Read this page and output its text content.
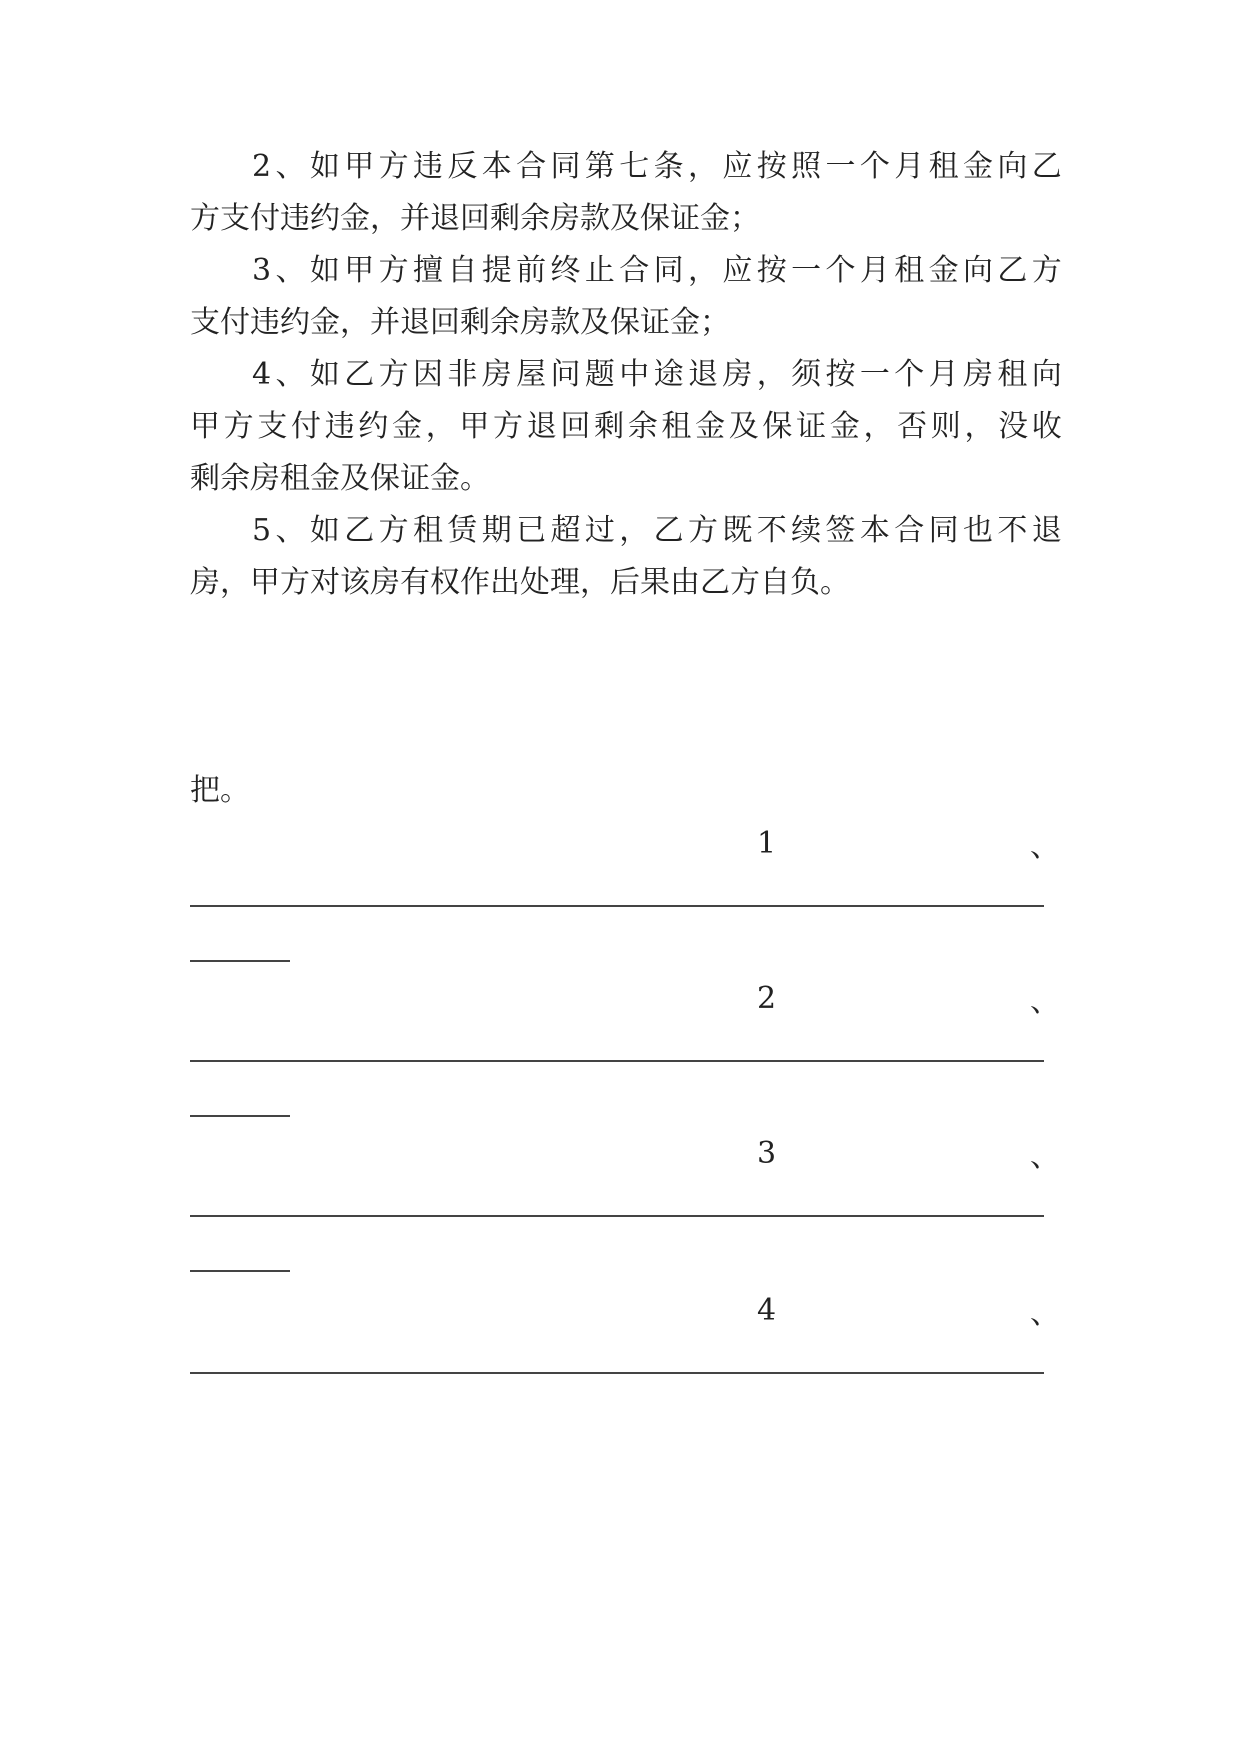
2 、 如 甲 方 违 反 本 合 同 第 七 条 ， 应 按 照 一 个 月 租 金 向 乙
方支付违约金，并退回剩余房款及保证金；
3 、 如 甲 方 擅 自 提 前 终 止 合 同 ， 应 按 一 个 月 租 金 向 乙 方
支付违约金，并退回剩余房款及保证金；
4 、 如 乙 方 因 非 房 屋 问 题 中 途 退 房 ， 须 按 一 个 月 房 租 向
甲 方 支 付 违 约 金 ， 甲 方 退 回 剩 余 租 金 及 保 证 金 ， 否 则 ， 没 收
剩余房租金及保证金。
5 、 如 乙 方 租 赁 期 已 超 过 ， 乙 方 既 不 续 签 本 合 同 也 不 退
房，甲方对该房有权作出处理，后果由乙方自负。

把。
1	、
2	、
3	、
4	、
